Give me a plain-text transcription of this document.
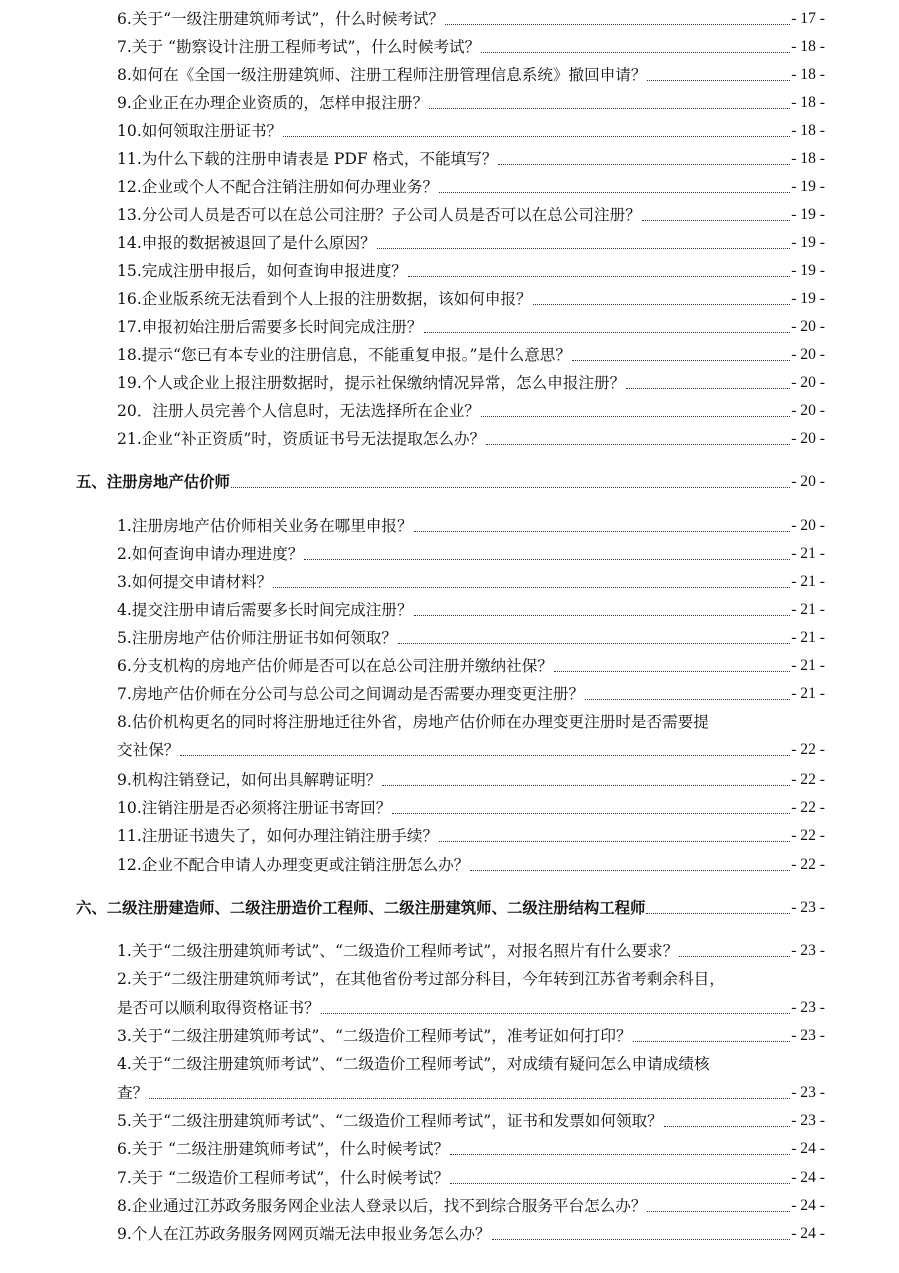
6.关于“一级注册建筑师考试”，什么时候考试？	- 17 -
7.关于 “勘察设计注册工程师考试”，什么时候考试？	- 18 -
8.如何在《全国一级注册建筑师、注册工程师注册管理信息系统》撤回申请？	- 18 -
9.企业正在办理企业资质的，怎样申报注册？	- 18 -
10.如何领取注册证书？	- 18 -
11.为什么下载的注册申请表是 PDF 格式，不能填写？	- 18 -
12.企业或个人不配合注销注册如何办理业务？	- 19 -
13.分公司人员是否可以在总公司注册？子公司人员是否可以在总公司注册？	- 19 -
14.申报的数据被退回了是什么原因？	- 19 -
15.完成注册申报后，如何查询申报进度？	- 19 -
16.企业版系统无法看到个人上报的注册数据，该如何申报？	- 19 -
17.申报初始注册后需要多长时间完成注册？	- 20 -
18.提示“您已有本专业的注册信息，不能重复申报。”是什么意思？	- 20 -
19.个人或企业上报注册数据时，提示社保缴纳情况异常，怎么申报注册？	- 20 -
20．注册人员完善个人信息时，无法选择所在企业？	- 20 -
21.企业“补正资质”时，资质证书号无法提取怎么办？	- 20 -
五、注册房地产估价师	- 20 -
1.注册房地产估价师相关业务在哪里申报？	- 20 -
2.如何查询申请办理进度？	- 21 -
3.如何提交申请材料？	- 21 -
4.提交注册申请后需要多长时间完成注册？	- 21 -
5.注册房地产估价师注册证书如何领取？	- 21 -
6.分支机构的房地产估价师是否可以在总公司注册并缴纳社保？	- 21 -
7.房地产估价师在分公司与总公司之间调动是否需要办理变更注册？	- 21 -
8.估价机构更名的同时将注册地迁往外省，房地产估价师在办理变更注册时是否需要提
交社保？	- 22 -
9.机构注销登记，如何出具解聘证明？	- 22 -
10.注销注册是否必须将注册证书寄回？	- 22 -
11.注册证书遗失了，如何办理注销注册手续？	- 22 -
12.企业不配合申请人办理变更或注销注册怎么办？	- 22 -
六、二级注册建造师、二级注册造价工程师、二级注册建筑师、二级注册结构工程师	- 23 -
1.关于“二级注册建筑师考试”、“二级造价工程师考试”，对报名照片有什么要求？	- 23 -
2.关于“二级注册建筑师考试”，在其他省份考过部分科目，今年转到江苏省考剩余科目，
是否可以顺利取得资格证书？	- 23 -
3.关于“二级注册建筑师考试”、“二级造价工程师考试”，准考证如何打印？	- 23 -
4.关于“二级注册建筑师考试”、“二级造价工程师考试”，对成绩有疑问怎么申请成绩核
查？	- 23 -
5.关于“二级注册建筑师考试”、“二级造价工程师考试”，证书和发票如何领取？	- 23 -
6.关于 “二级注册建筑师考试”，什么时候考试？	- 24 -
7.关于 “二级造价工程师考试”，什么时候考试？	- 24 -
8.企业通过江苏政务服务网企业法人登录以后，找不到综合服务平台怎么办？	- 24 -
9.个人在江苏政务服务网网页端无法申报业务怎么办？	- 24 -
